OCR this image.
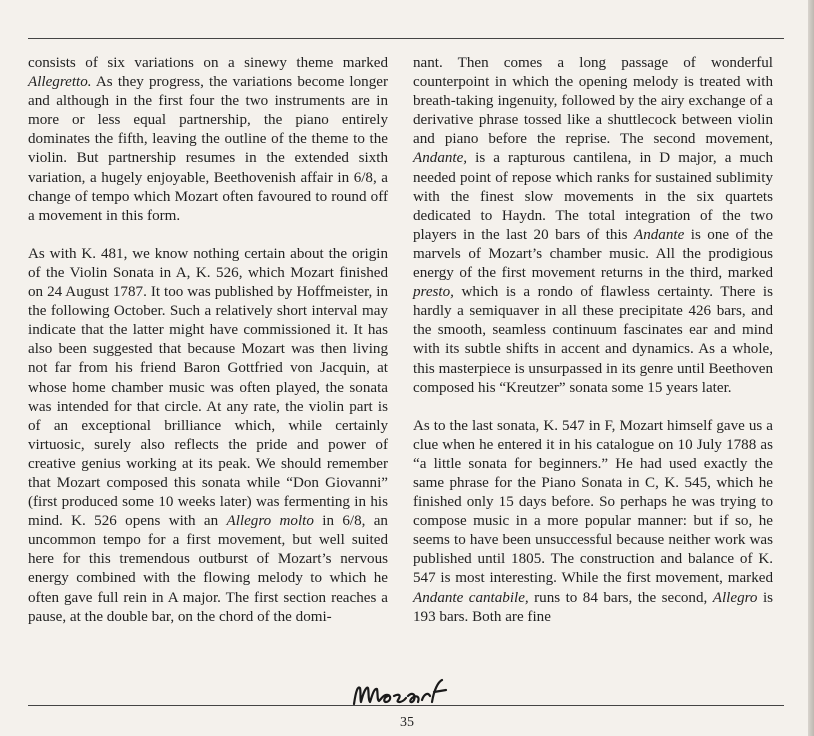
consists of six variations on a sinewy theme marked Allegretto. As they progress, the variations become longer and although in the first four the two instruments are in more or less equal partnership, the piano entirely dominates the fifth, leaving the outline of the theme to the violin. But partnership resumes in the extended sixth variation, a hugely enjoyable, Beethovenish affair in 6/8, a change of tempo which Mozart often favoured to round off a movement in this form.

As with K. 481, we know nothing certain about the origin of the Violin Sonata in A, K. 526, which Mozart finished on 24 August 1787. It too was published by Hoffmeister, in the following October. Such a relatively short interval may indicate that the latter might have commissioned it. It has also been suggested that because Mozart was then living not far from his friend Baron Gottfried von Jacquin, at whose home chamber music was often played, the sonata was intended for that circle. At any rate, the violin part is of an exceptional brilliance which, while certainly virtuosic, surely also reflects the pride and power of creative genius working at its peak. We should remember that Mozart composed this sonata while “Don Giovanni” (first produced some 10 weeks later) was fermenting in his mind. K. 526 opens with an Allegro molto in 6/8, an uncommon tempo for a first movement, but well suited here for this tremendous outburst of Mozart’s nervous energy combined with the flowing melody to which he often gave full rein in A major. The first section reaches a pause, at the double bar, on the chord of the domi-

nant. Then comes a long passage of wonderful counterpoint in which the opening melody is treated with breath-taking ingenuity, followed by the airy exchange of a derivative phrase tossed like a shuttlecock between violin and piano before the reprise. The second movement, Andante, is a rapturous cantilena, in D major, a much needed point of repose which ranks for sustained sublimity with the finest slow movements in the six quartets dedicated to Haydn. The total integration of the two players in the last 20 bars of this Andante is one of the marvels of Mozart’s chamber music. All the prodigious energy of the first movement returns in the third, marked presto, which is a rondo of flawless certainty. There is hardly a semiquaver in all these precipitate 426 bars, and the smooth, seamless continuum fascinates ear and mind with its subtle shifts in accent and dynamics. As a whole, this masterpiece is unsurpassed in its genre until Beethoven composed his “Kreutzer” sonata some 15 years later.

As to the last sonata, K. 547 in F, Mozart himself gave us a clue when he entered it in his catalogue on 10 July 1788 as “a little sonata for beginners.” He had used exactly the same phrase for the Piano Sonata in C, K. 545, which he finished only 15 days before. So perhaps he was trying to compose music in a more popular manner: but if so, he seems to have been unsuccessful because neither work was published until 1805. The construction and balance of K. 547 is most interesting. While the first movement, marked Andante cantabile, runs to 84 bars, the second, Allegro is 193 bars. Both are fine

35
